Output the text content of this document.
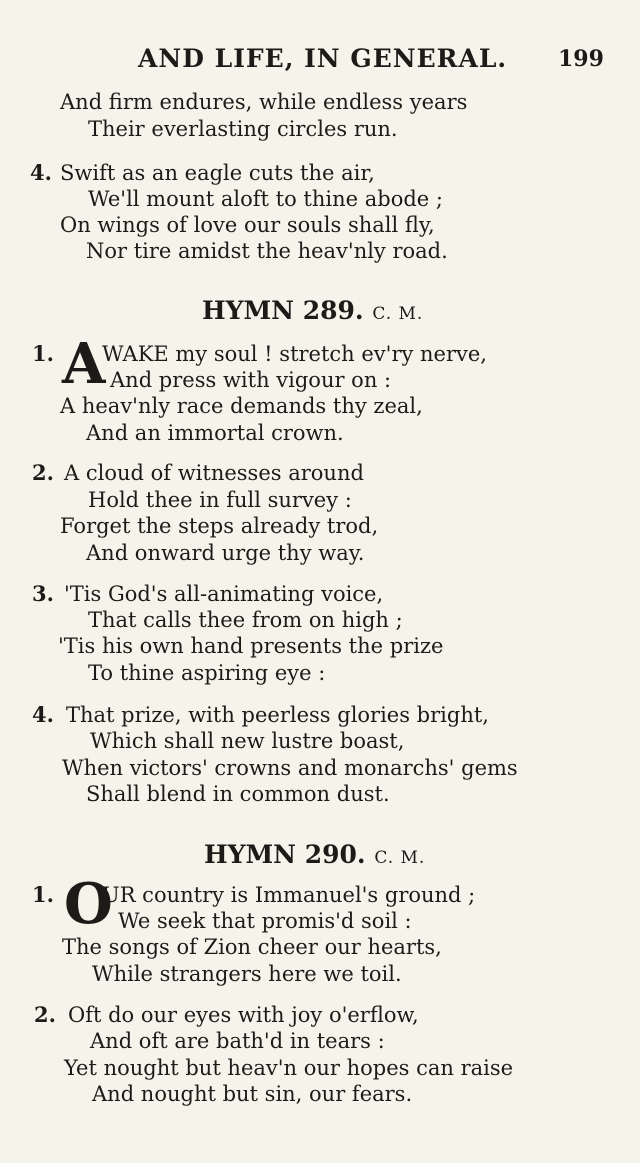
AND LIFE, IN GENERAL. 199
And firm endures, while endless years
Their everlasting circles run.
4. Swift as an eagle cuts the air,
We'll mount aloft to thine abode ;
On wings of love our souls shall fly,
Nor tire amidst the heav'nly road.
HYMN 289. C. M.
1. A
WAKE my soul ! stretch ev'ry nerve,
And press with vigour on :
A heav'nly race demands thy zeal,
And an immortal crown.
2. A cloud of witnesses around
Hold thee in full survey :
Forget the steps already trod,
And onward urge thy way.
3. 'Tis God's all-animating voice,
That calls thee from on high ;
'Tis his own hand presents the prize
To thine aspiring eye :
4. That prize, with peerless glories bright,
Which shall new lustre boast,
When victors' crowns and monarchs' gems
Shall blend in common dust.
HYMN 290. C. M.
1. O
UR country is Immanuel's ground ;
We seek that promis'd soil :
The songs of Zion cheer our hearts,
While strangers here we toil.
2. Oft do our eyes with joy o'erflow,
And oft are bath'd in tears :
Yet nought but heav'n our hopes can raise
And nought but sin, our fears.
